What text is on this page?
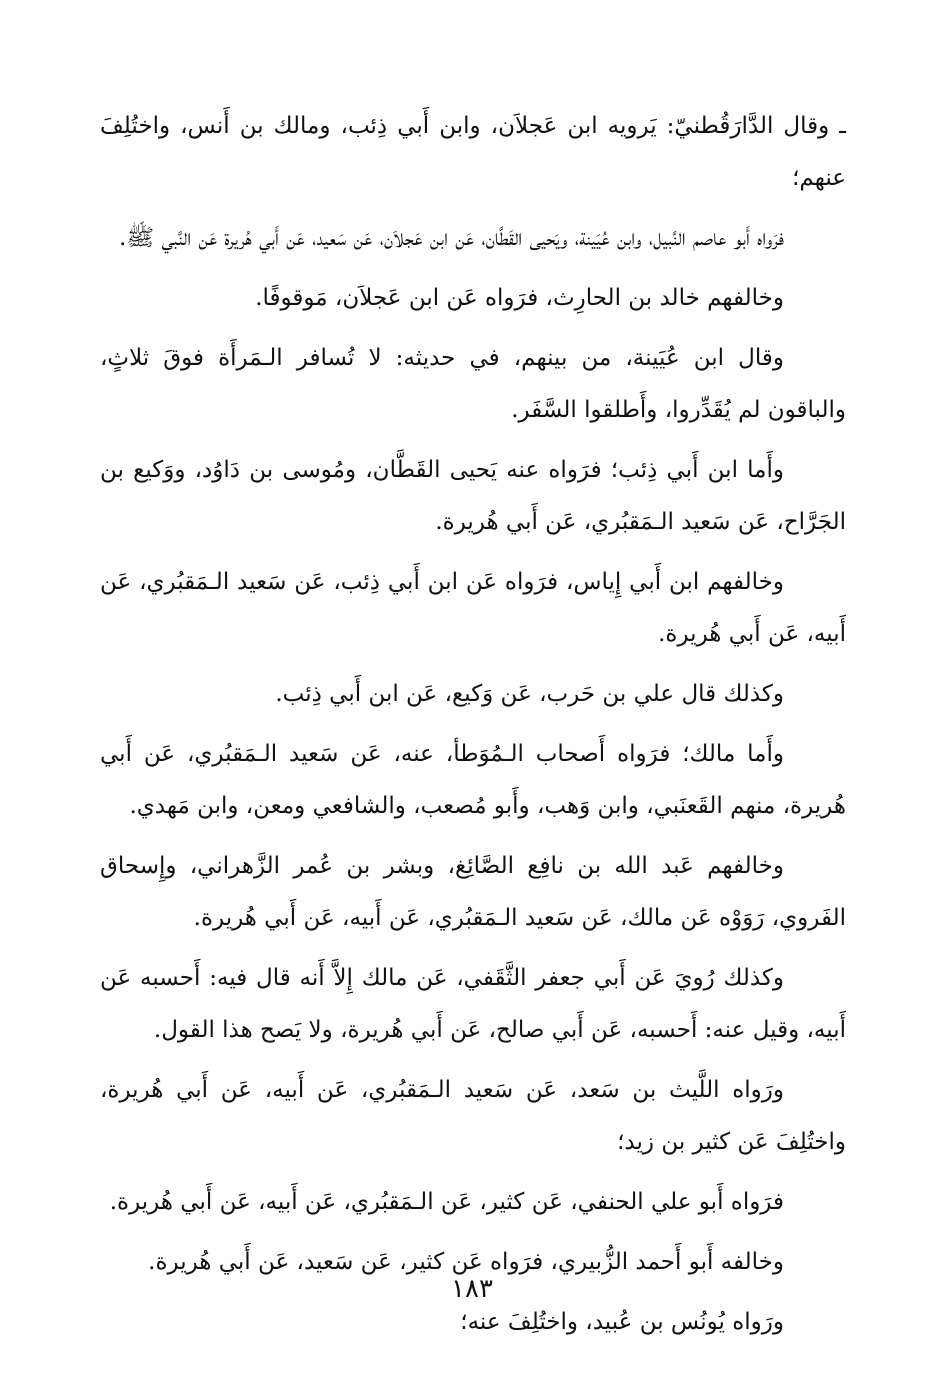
ـ وقال الدَّارَقُطنيّ: يَرويه ابن عَجلاَن، وابن أَبي ذِئب، ومالك بن أَنس، واختُلِفَ عنهم؛

فرَواه أَبو عاصم النَّبيل، وابن عُيَينة، ويَحيى القَطَّان، عَن ابن عَجلاَن، عَن سَعيد، عَن أَبي هُريرة عَن النَّبي ﷺ.

وخالفهم خالد بن الحارِث، فرَواه عَن ابن عَجلاَن، مَوقوفًا.

وقال ابن عُيَينة، من بينهم، في حديثه: لا تُسافر الـمَرأَة فوقَ ثلاثٍ، والباقون لم يُقَدِّروا، وأَطلقوا السَّفَر.

وأَما ابن أَبي ذِئب؛ فرَواه عنه يَحيى القَطَّان، ومُوسى بن دَاوُد، ووَكيع بن الجَرَّاح، عَن سَعيد الـمَقبُري، عَن أَبي هُريرة.

وخالفهم ابن أَبي إِياس، فرَواه عَن ابن أَبي ذِئب، عَن سَعيد الـمَقبُري، عَن أَبيه، عَن أَبي هُريرة.

وكذلك قال علي بن حَرب، عَن وَكيع، عَن ابن أَبي ذِئب.

وأَما مالك؛ فرَواه أَصحاب الـمُوَطأ، عنه، عَن سَعيد الـمَقبُري، عَن أَبي هُريرة، منهم القَعنَبي، وابن وَهب، وأَبو مُصعب، والشافعي ومعن، وابن مَهدي.

وخالفهم عَبد الله بن نافِع الصَّائِغ، وبشر بن عُمر الزَّهراني، وإِسحاق الفَروي، رَوَوْه عَن مالك، عَن سَعيد الـمَقبُري، عَن أَبيه، عَن أَبي هُريرة.

وكذلك رُويَ عَن أَبي جعفر الثَّقَفي، عَن مالك إِلاَّ أَنه قال فيه: أَحسبه عَن أَبيه، وقيل عنه: أَحسبه، عَن أَبي صالح، عَن أَبي هُريرة، ولا يَصح هذا القول.

ورَواه اللَّيث بن سَعد، عَن سَعيد الـمَقبُري، عَن أَبيه، عَن أَبي هُريرة، واختُلِفَ عَن كثير بن زيد؛

فرَواه أَبو علي الحنفي، عَن كثير، عَن الـمَقبُري، عَن أَبيه، عَن أَبي هُريرة.

وخالفه أَبو أَحمد الزُّبيري، فرَواه عَن كثير، عَن سَعيد، عَن أَبي هُريرة.

ورَواه يُونُس بن عُبيد، واختُلِفَ عنه؛

١٨٣
